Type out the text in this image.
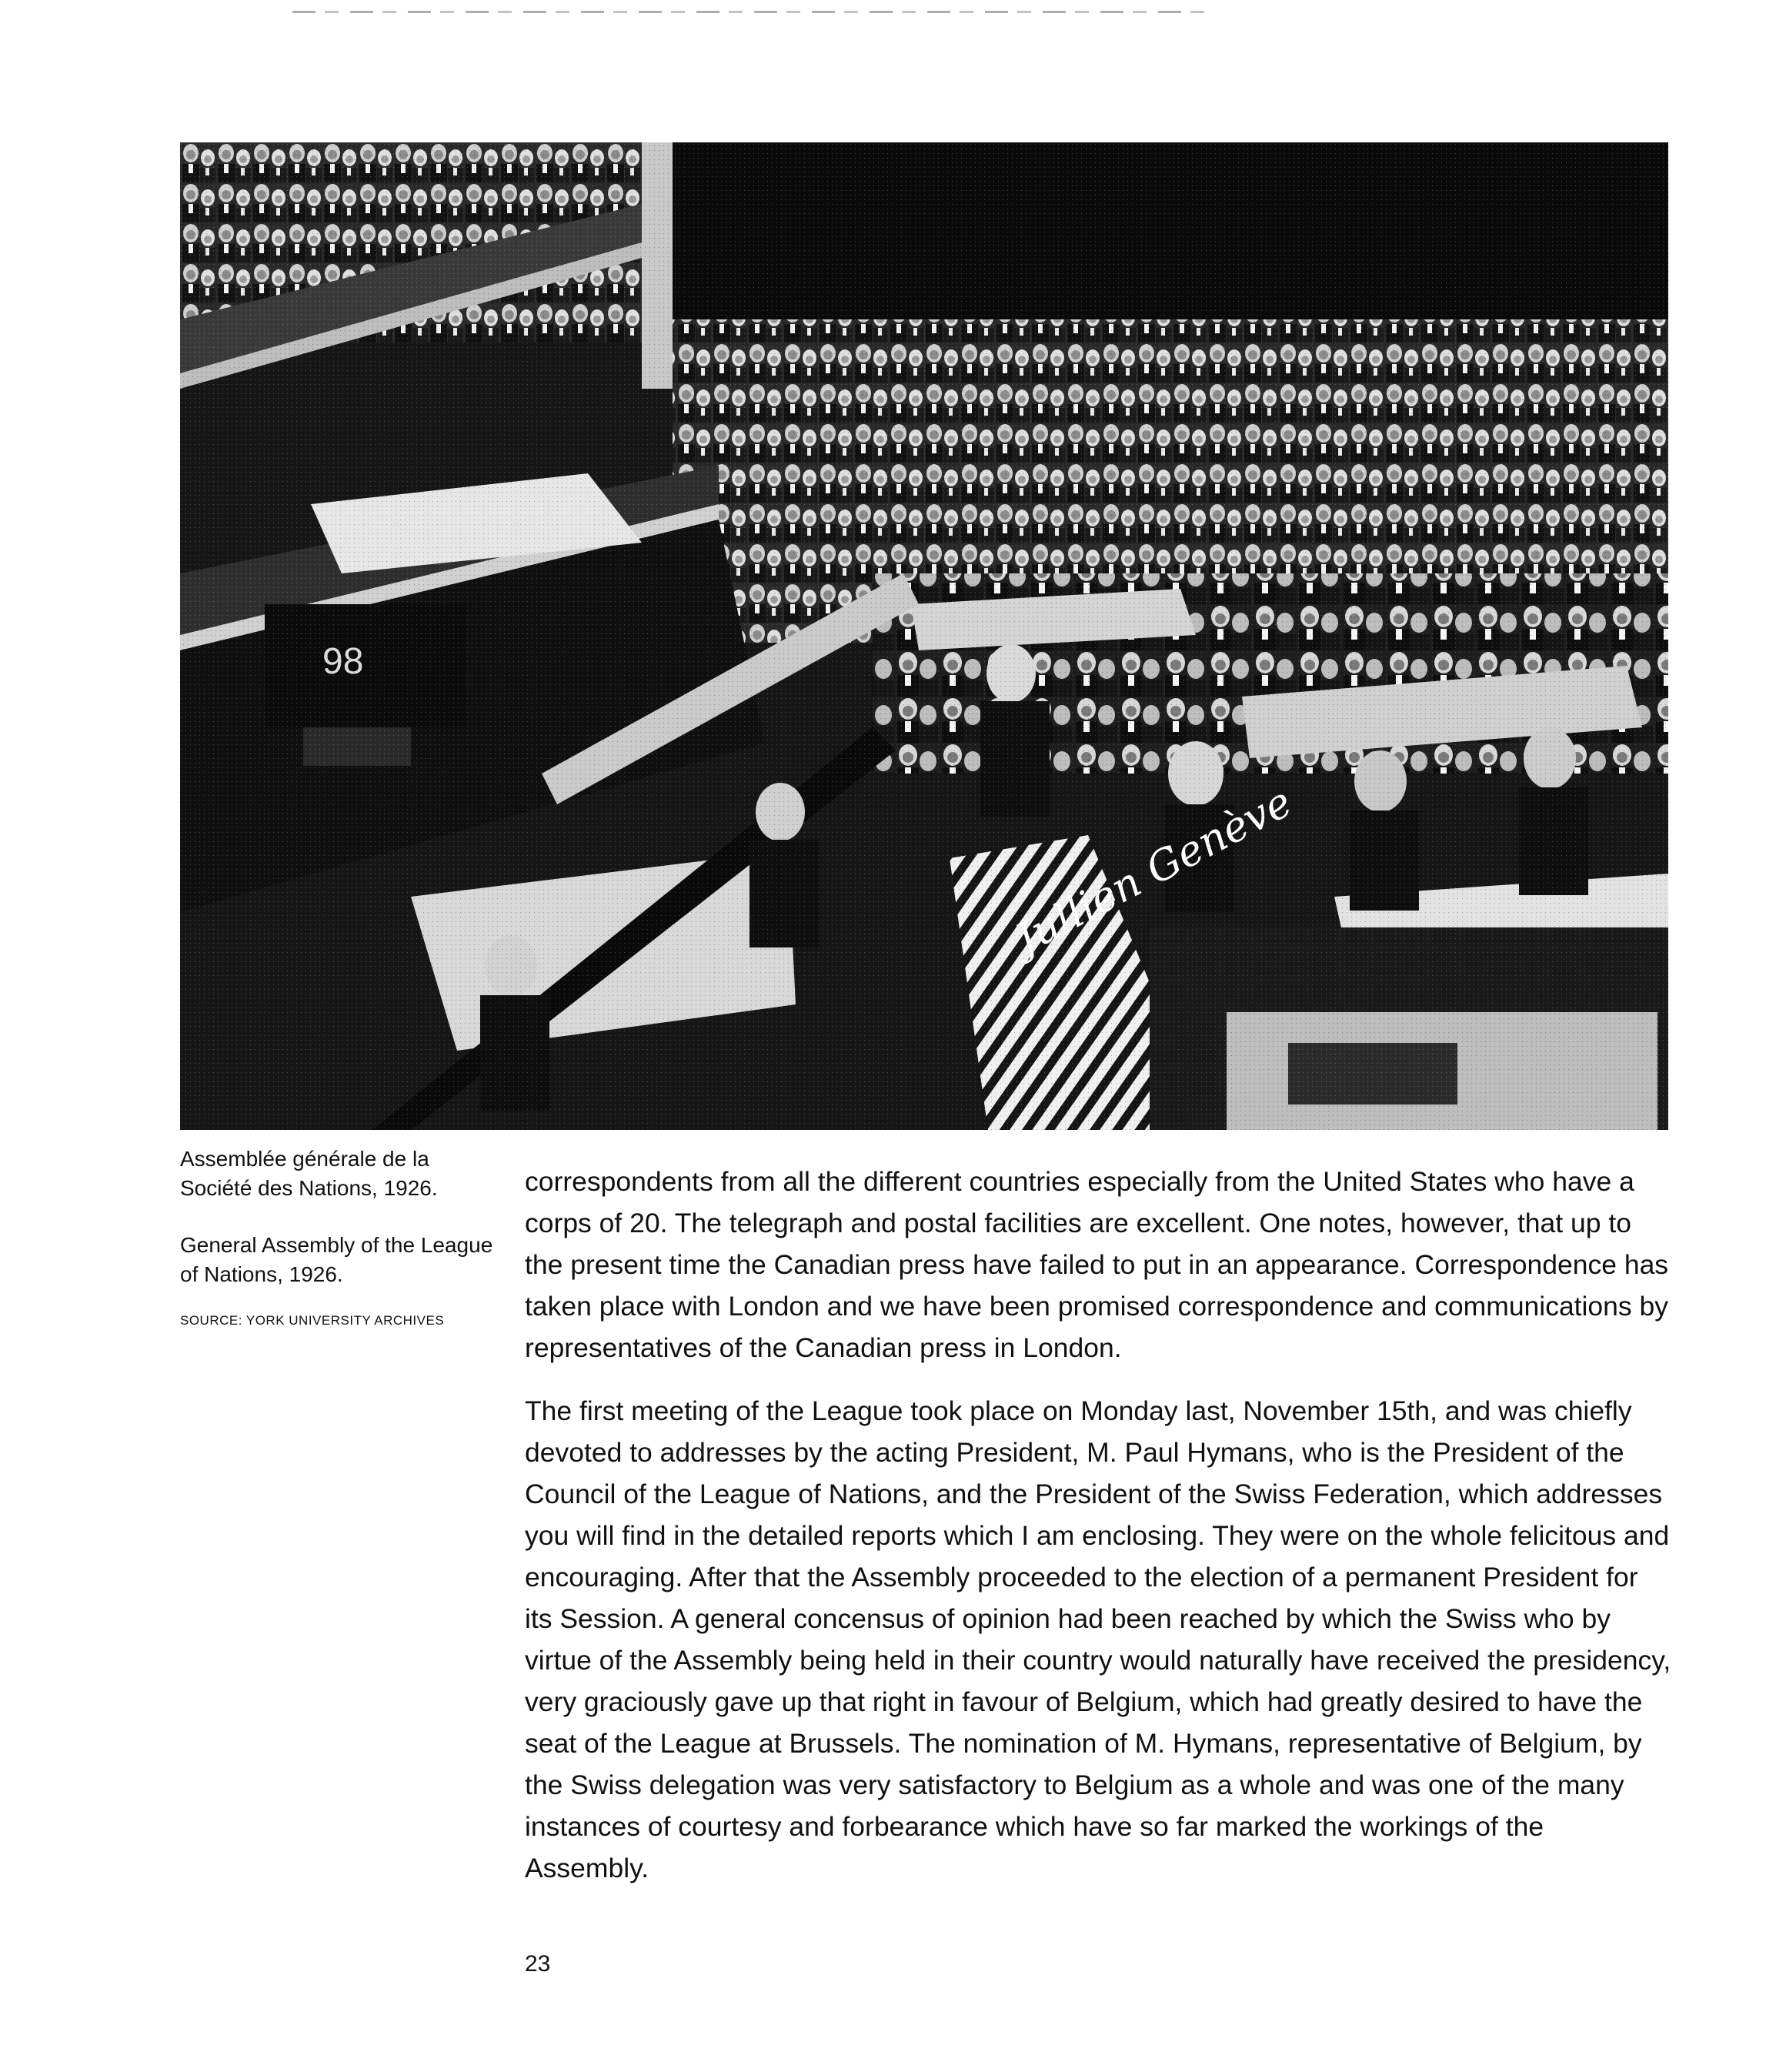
Assemblée générale de la Société des Nations, 1926.

General Assembly of the League of Nations, 1926.

SOURCE: YORK UNIVERSITY ARCHIVES

correspondents from all the different countries especially from the United States who have a corps of 20. The telegraph and postal facilities are excellent. One notes, however, that up to the present time the Canadian press have failed to put in an appearance. Correspondence has taken place with London and we have been promised correspondence and communications by representatives of the Canadian press in London.

The first meeting of the League took place on Monday last, November 15th, and was chiefly devoted to addresses by the acting President, M. Paul Hymans, who is the President of the Council of the League of Nations, and the President of the Swiss Federation, which addresses you will find in the detailed reports which I am enclosing. They were on the whole felicitous and encouraging. After that the Assembly proceeded to the election of a permanent President for its Session. A general concensus of opinion had been reached by which the Swiss who by virtue of the Assembly being held in their country would naturally have received the presidency, very graciously gave up that right in favour of Belgium, which had greatly desired to have the seat of the League at Brussels. The nomination of M. Hymans, representative of Belgium, by the Swiss delegation was very satisfactory to Belgium as a whole and was one of the many instances of courtesy and forbearance which have so far marked the workings of the Assembly.

23
